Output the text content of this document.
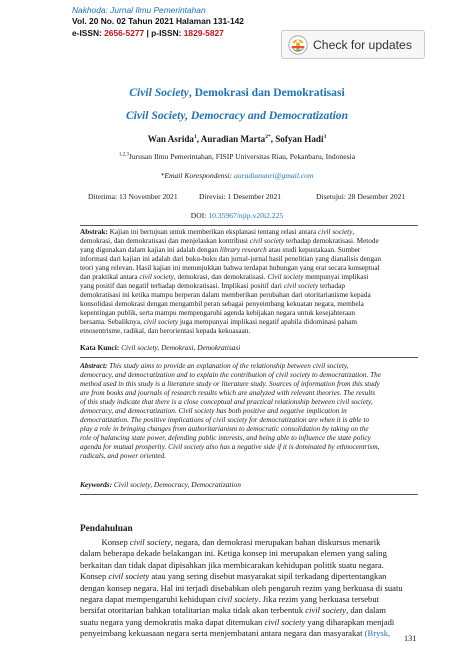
Nakhoda: Jurnal Ilmu Pemerintahan
Vol. 20 No. 02 Tahun 2021 Halaman 131-142
e-ISSN: 2656-5277 | p-ISSN: 1829-5827
Check for updates
Civil Society, Demokrasi dan Demokratisasi
Civil Society, Democracy and Democratization
Wan Asrida$^1$, Auradian Marta$^{2*}$, Sofyan Hadi$^3$
$^{1,2,3}$Jurusan Ilmu Pemerintahan, FISIP Universitas Riau, Pekanbaru, Indonesia
*Email Korespondensi: auradianunri@gmail.com
Diterima: 13 November 2021	Direvisi: 1 Desember 2021	Disetujui: 28 Desember 2021
DOI: 10.35967/njip.v20i2.225
Abstrak: Kajian ini bertujuan untuk memberikan eksplanasi tentang relasi antara civil society,
demokrasi, dan demokratisasi dan menjelaskan kontribusi civil society terhadap demokratisasi. Metode
yang digunakan dalam kajian ini adalah dengan library research atau studi kepustakaan. Sumber
informasi dari kajian ini adalah dari buku-buku dan jurnal-jurnal hasil penelitian yang dianalisis dengan
teori yang relevan. Hasil kajian ini menunjukkan bahwa terdapat hubungan yang erat secara konseptual
dan praktikal antara civil society, demokrasi, dan demokratisasi. Civil society mempunyai implikasi
yang positif dan negatif terhadap demokratisasi. Implikasi positif dari civil society terhadap
demokratisasi ini ketika mampu berperan dalam memberikan perubahan dari otoritarianisme kepada
konsolidasi demokrasi dengan mengambil peran sebagai penyeimbang kekuatan negara, membela
kepentingan publik, serta mampu mempengaruhi agenda kebijakan negara untuk kesejahteraan
bersama. Sebaliknya, civil society juga mempunyai implikasi negatif apabila didominasi paham
etnosentrisme, radikal, dan berorientasi kepada kekuasaan.
Kata Kunci: Civil society, Demokrasi, Demokratisasi
Abstract: This study aims to provide an explanation of the relationship between civil society,
democracy, and democratization and to explain the contribution of civil society to democratization. The
method used in this study is a literature study or literature study. Sources of information from this study
are from books and journals of research results which are analyzed with relevant theories. The results
of this study indicate that there is a close conceptual and practical relationship between civil society,
democracy, and democratization. Civil society has both positive and negative implication in
democratization. The positive implications of civil society for democratization are when it is able to
play a role in bringing changes from authoritarianism to democratic consolidation by taking on the
role of balancing state power, defending public interests, and being able to influence the state policy
agenda for mutual prosperity. Civil society also has a negative side if it is dominated by ethnocentrism,
radicals, and power oriented.
Keywords: Civil society, Democracy, Democratization
Pendahuluan
Konsep civil society, negara, dan demokrasi merupakan bahan diskursus menarik
dalam beberapa dekade belakangan ini. Ketiga konsep ini merupakan elemen yang saling
berkaitan dan tidak dapat dipisahkan jika membicarakan kehidupan politik suatu negara.
Konsep civil society atau yang sering disebut masyarakat sipil terkadang dipertentangkan
dengan konsep negara. Hal ini terjadi disebabkan oleh pengaruh rezim yang berkuasa di suatu
negara dapat mempengaruhi kehidupan civil society. Jika rezim yang berkuasa tersebut
bersifat otoritarian bahkan totalitarian maka tidak akan terbentuk civil society, dan dalam
suatu negara yang demokratis maka dapat ditemukan civil society yang diharapkan menjadi
penyeimbang kekuasaan negara serta menjembatani antara negara dan masyarakat (Brysk,
131
